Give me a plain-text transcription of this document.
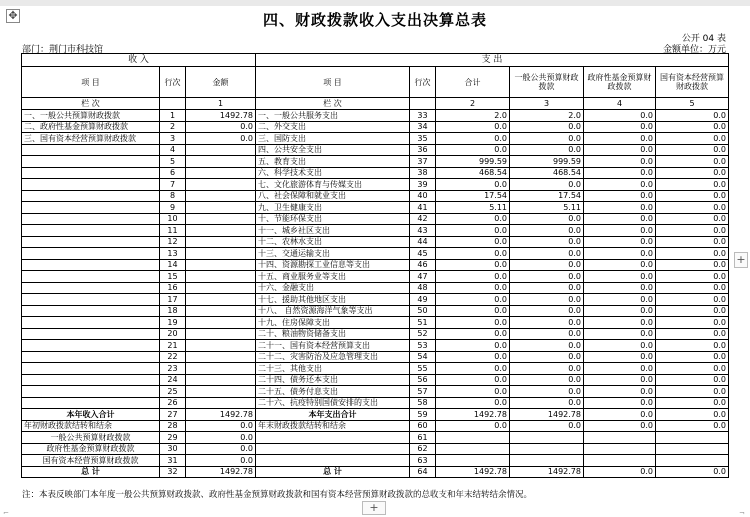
✥	四、财政拨款收入支出决算总表
公开 04 表
部门：荆门市科技馆	金额单位：万元
收 入			支 出					
项 目	行次	金额	项 目	行次	合计	一般公共预算财政拨款	政府性基金预算财政拨款	国有资本经营预算财政拨款
栏 次		1	栏 次		2	3	4	5
一、一般公共预算财政拨款	1	1492.78	一、一般公共服务支出	33	2.0	2.0	0.0	0.0
二、政府性基金预算财政拨款	2	0.0	二、外交支出	34	0.0	0.0	0.0	0.0
三、国有资本经营预算财政拨款	3	0.0	三、国防支出	35	0.0	0.0	0.0	0.0
	4		四、公共安全支出	36	0.0	0.0	0.0	0.0
	5		五、教育支出	37	999.59	999.59	0.0	0.0
	6		六、科学技术支出	38	468.54	468.54	0.0	0.0
	7		七、文化旅游体育与传媒支出	39	0.0	0.0	0.0	0.0
	8		八、社会保障和就业支出	40	17.54	17.54	0.0	0.0
	9		九、卫生健康支出	41	5.11	5.11	0.0	0.0
	10		十、节能环保支出	42	0.0	0.0	0.0	0.0
	11		十一、城乡社区支出	43	0.0	0.0	0.0	0.0
	12		十二、农林水支出	44	0.0	0.0	0.0	0.0
	13		十三、交通运输支出	45	0.0	0.0	0.0	0.0
	14		十四、资源勘探工业信息等支出	46	0.0	0.0	0.0	0.0
	15		十五、商业服务业等支出	47	0.0	0.0	0.0	0.0
	16		十六、金融支出	48	0.0	0.0	0.0	0.0
	17		十七、援助其他地区支出	49	0.0	0.0	0.0	0.0
	18		十八、 自然资源海洋气象等支出	50	0.0	0.0	0.0	0.0
	19		十九、住房保障支出	51	0.0	0.0	0.0	0.0
	20		二十、粮油物资储备支出	52	0.0	0.0	0.0	0.0
	21		二十一、国有资本经营预算支出	53	0.0	0.0	0.0	0.0
	22		二十二、灾害防治及应急管理支出	54	0.0	0.0	0.0	0.0
	23		二十三、其他支出	55	0.0	0.0	0.0	0.0
	24		二十四、债务还本支出	56	0.0	0.0	0.0	0.0
	25		二十五、债务付息支出	57	0.0	0.0	0.0	0.0
	26		二十六、抗疫特别国债安排的支出	58	0.0	0.0	0.0	0.0
本年收入合计	27	1492.78	本年支出合计	59	1492.78	1492.78	0.0	0.0
年初财政拨款结转和结余	28	0.0	年末财政拨款结转和结余	60	0.0	0.0	0.0	0.0
一般公共预算财政拨款	29	0.0		61				
政府性基金预算财政拨款	30	0.0		62				
国有资本经营预算财政拨款	31	0.0		63				
总 计	32	1492.78	总 计	64	1492.78	1492.78	0.0	0.0
注：本表反映部门本年度一般公共预算财政拨款、政府性基金预算财政拨款和国有资本经营预算财政拨款的总收支和年末结转结余情况。
+
+
⌐	¬
